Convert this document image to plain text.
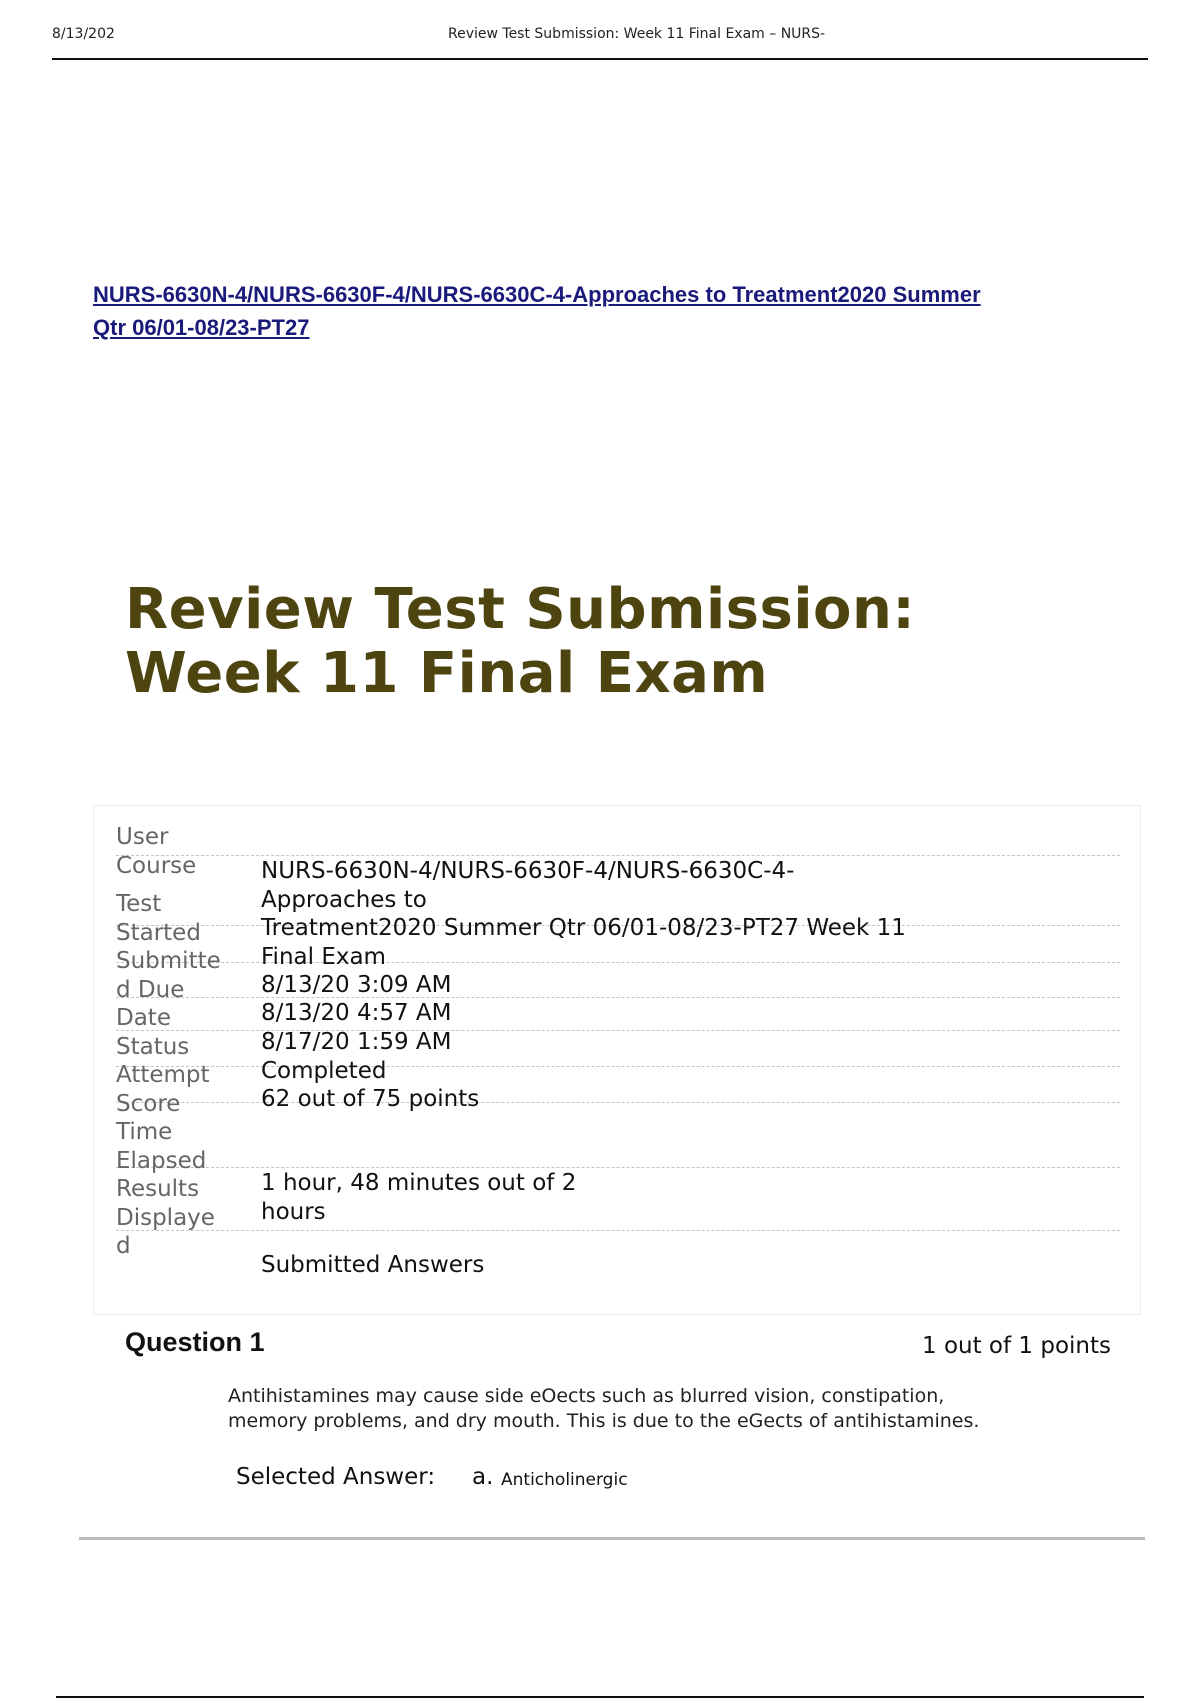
8/13/202	Review Test Submission: Week 11 Final Exam – NURS-
NURS-6630N-4/NURS-6630F-4/NURS-6630C-4-Approaches to Treatment2020 Summer
Qtr 06/01-08/23-PT27
Review Test Submission:
Week 11 Final Exam
User
Course
Test
Started
Submitte
d Due
Date
Status
Attempt
Score
Time
Elapsed
Results
Displaye
d
NURS-6630N-4/NURS-6630F-4/NURS-6630C-4-
Approaches to
Treatment2020 Summer Qtr 06/01-08/23-PT27 Week 11
Final Exam
8/13/20 3:09 AM
8/13/20 4:57 AM
8/17/20 1:59 AM
Completed
62 out of 75 points
1 hour, 48 minutes out of 2
hours
Submitted Answers
Question 1	1 out of 1 points
Antihistamines may cause side eOects such as blurred vision, constipation,
memory problems, and dry mouth. This is due to the eGects of antihistamines.
Selected Answer: a. Anticholinergic
